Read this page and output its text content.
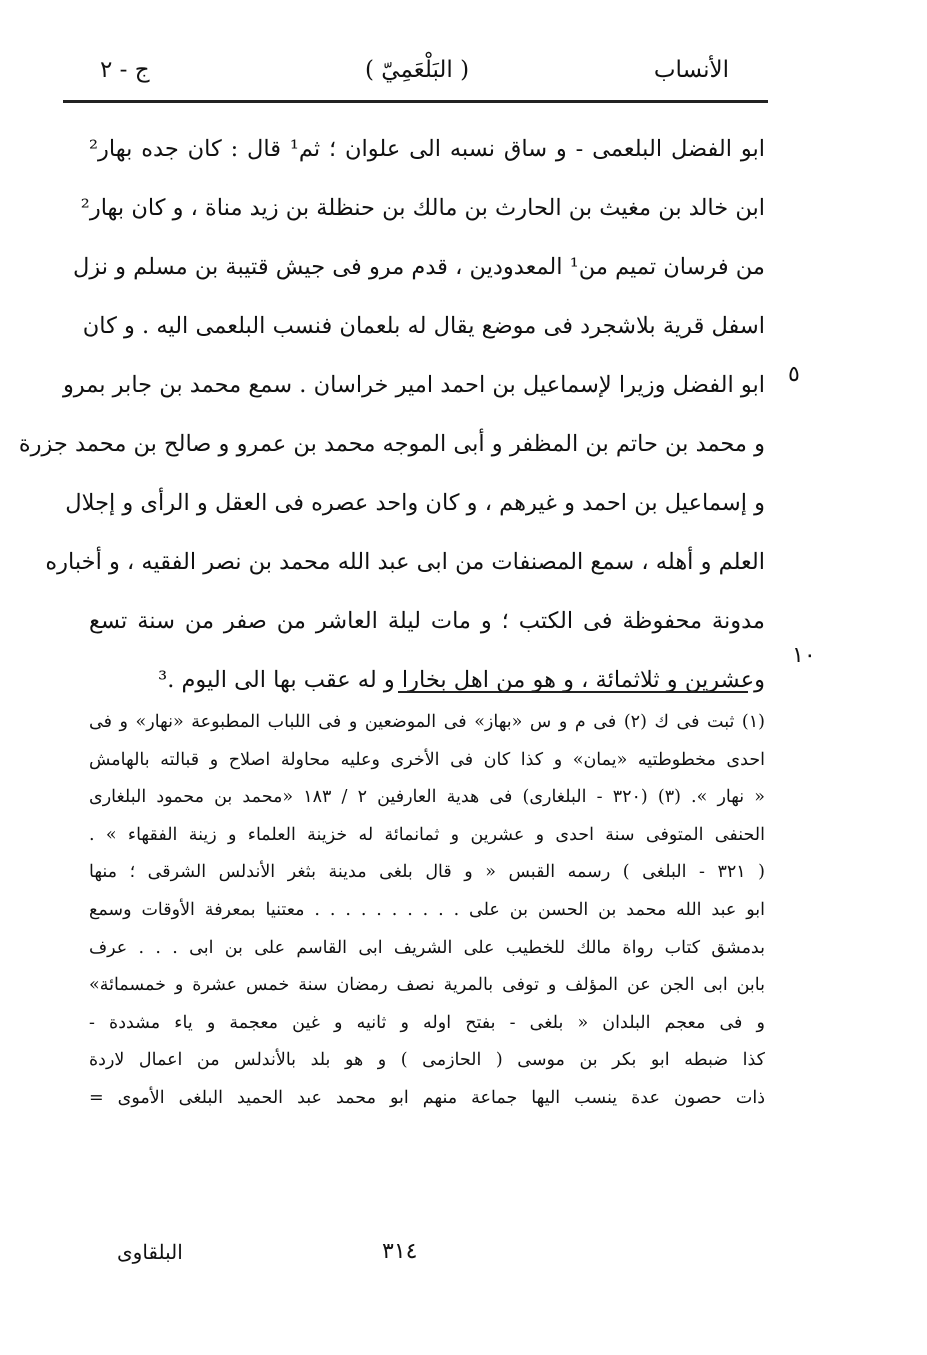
الأنساب
( البَلْعَمِيّ )
ج - ٢
ابو الفضل البلعمى - و ساق نسبه الى علوان ؛ ثم¹ قال : كان جده بهار²
ابن خالد بن مغيث بن الحارث بن مالك بن حنظلة بن زيد مناة ، و كان بهار²
من فرسان تميم من¹ المعدودين ، قدم مرو فى جيش قتيبة بن مسلم و نزل
اسفل قرية بلاشجرد فى موضع يقال له بلعمان فنسب البلعمى اليه . و كان
ابو الفضل وزيرا لإسماعيل بن احمد امير خراسان . سمع محمد بن جابر بمرو
و محمد بن حاتم بن المظفر و أبى الموجه محمد بن عمرو و صالح بن محمد جزرة
و إسماعيل بن احمد و غيرهم ، و كان واحد عصره فى العقل و الرأى و إجلال
العلم و أهله ، سمع المصنفات من ابى عبد الله محمد بن نصر الفقيه ، و أخباره
مدونة محفوظة فى الكتب ؛ و مات ليلة العاشر من صفر من سنة تسع
وعشرين و ثلاثمائة ، و هو من اهل بخارا و له عقب بها الى اليوم .³
٥
١٠
(١) ثبت فى ك (٢) فى م و س «بهاز» فى الموضعين و فى اللباب المطبوعة «نهار» و فى
احدى مخطوطتيه «يمان» و كذا كان فى الأخرى وعليه محاولة اصلاح و قبالته بالهامش
« نهار ». (٣) (٣٢٠ - البلغارى) فى هدية العارفين ٢ / ١٨٣ «محمد بن محمود البلغارى
الحنفى المتوفى سنة احدى و عشرين و ثمانمائة له خزينة العلماء و زينة الفقهاء » .
( ٣٢١ - البلغى ) رسمه القبس « و قال بلغى مدينة بثغر الأندلس الشرقى ؛ منها
ابو عبد الله محمد بن الحسن بن على . . . . . . . . . . معتنيا بمعرفة الأوقات وسمع
بدمشق كتاب رواة مالك للخطيب على الشريف ابى القاسم على بن ابى . . . عرف
بابن ابى الجن عن المؤلف و توفى بالمرية نصف رمضان سنة خمس عشرة و خمسمائة»
و فى معجم البلدان « بلغى - بفتح اوله و ثانيه و غين معجمة و ياء مشددة -
كذا ضبطه ابو بكر بن موسى ( الحازمى ) و هو بلد بالأندلس من اعمال لاردة
ذات حصون عدة ينسب اليها جماعة منهم ابو محمد عبد الحميد البلغى الأموى =
٣١٤
البلقاوى
